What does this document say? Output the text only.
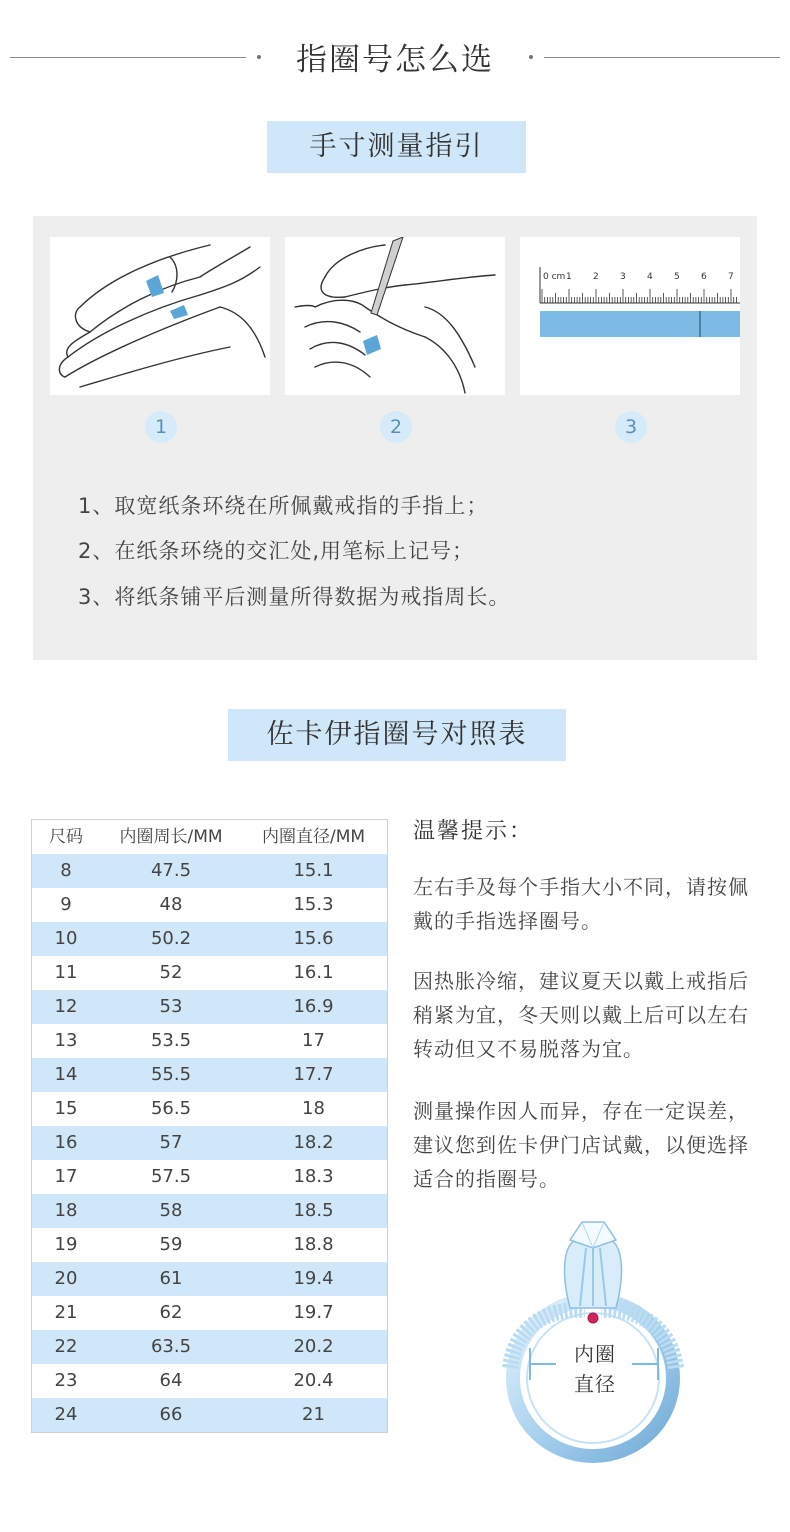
指圈号怎么选
手寸测量指引
0 cm 1 2 3 4 5 6 7
1	2	3
1、取宽纸条环绕在所佩戴戒指的手指上；
2、在纸条环绕的交汇处,用笔标上记号；
3、将纸条铺平后测量所得数据为戒指周长。
佐卡伊指圈号对照表
尺码	内圈周长/MM	内圈直径/MM
8	47.5	15.1
9	48	15.3
10	50.2	15.6
11	52	16.1
12	53	16.9
13	53.5	17
14	55.5	17.7
15	56.5	18
16	57	18.2
17	57.5	18.3
18	58	18.5
19	59	18.8
20	61	19.4
21	62	19.7
22	63.5	20.2
23	64	20.4
24	66	21
温馨提示：
左右手及每个手指大小不同，请按佩戴的手指选择圈号。
因热胀冷缩，建议夏天以戴上戒指后稍紧为宜，冬天则以戴上后可以左右转动但又不易脱落为宜。
测量操作因人而异，存在一定误差，建议您到佐卡伊门店试戴，以便选择适合的指圈号。
内圈
直径
